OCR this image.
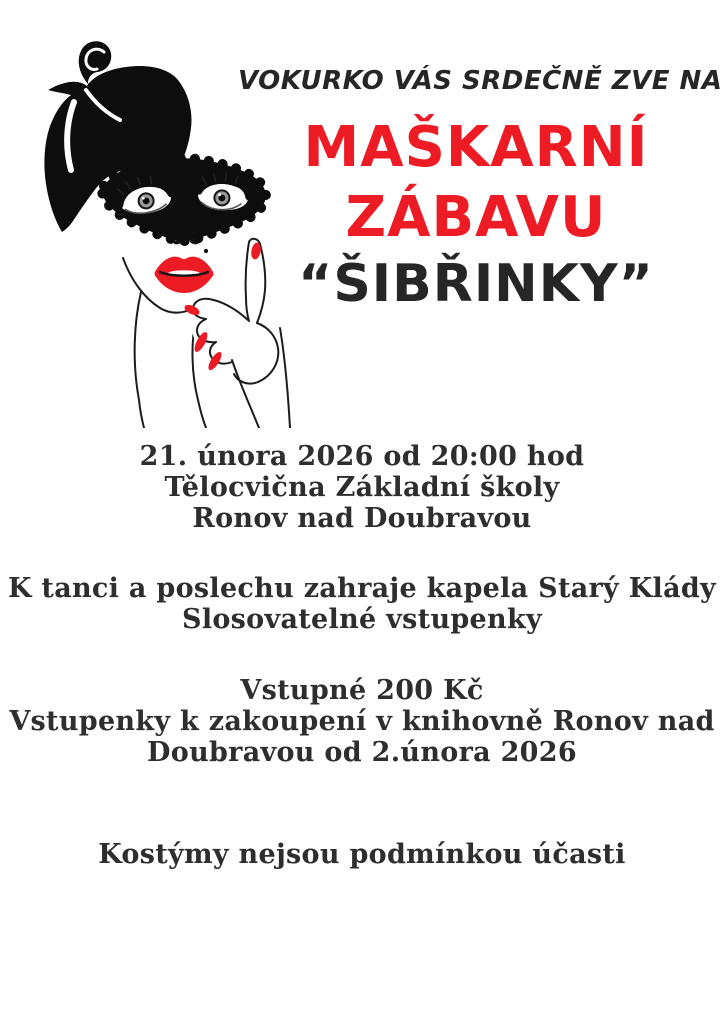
VOKURKO VÁS SRDEČNĚ ZVE NA
MAŠKARNÍ
ZÁBAVU
“ŠIBŘINKY”
21. února 2026 od 20:00 hod
Tělocvična Základní školy
Ronov nad Doubravou
K tanci a poslechu zahraje kapela Starý Klády
Slosovatelné vstupenky
Vstupné 200 Kč
Vstupenky k zakoupení v knihovně Ronov nad
Doubravou od 2.února 2026
Kostýmy nejsou podmínkou účasti
